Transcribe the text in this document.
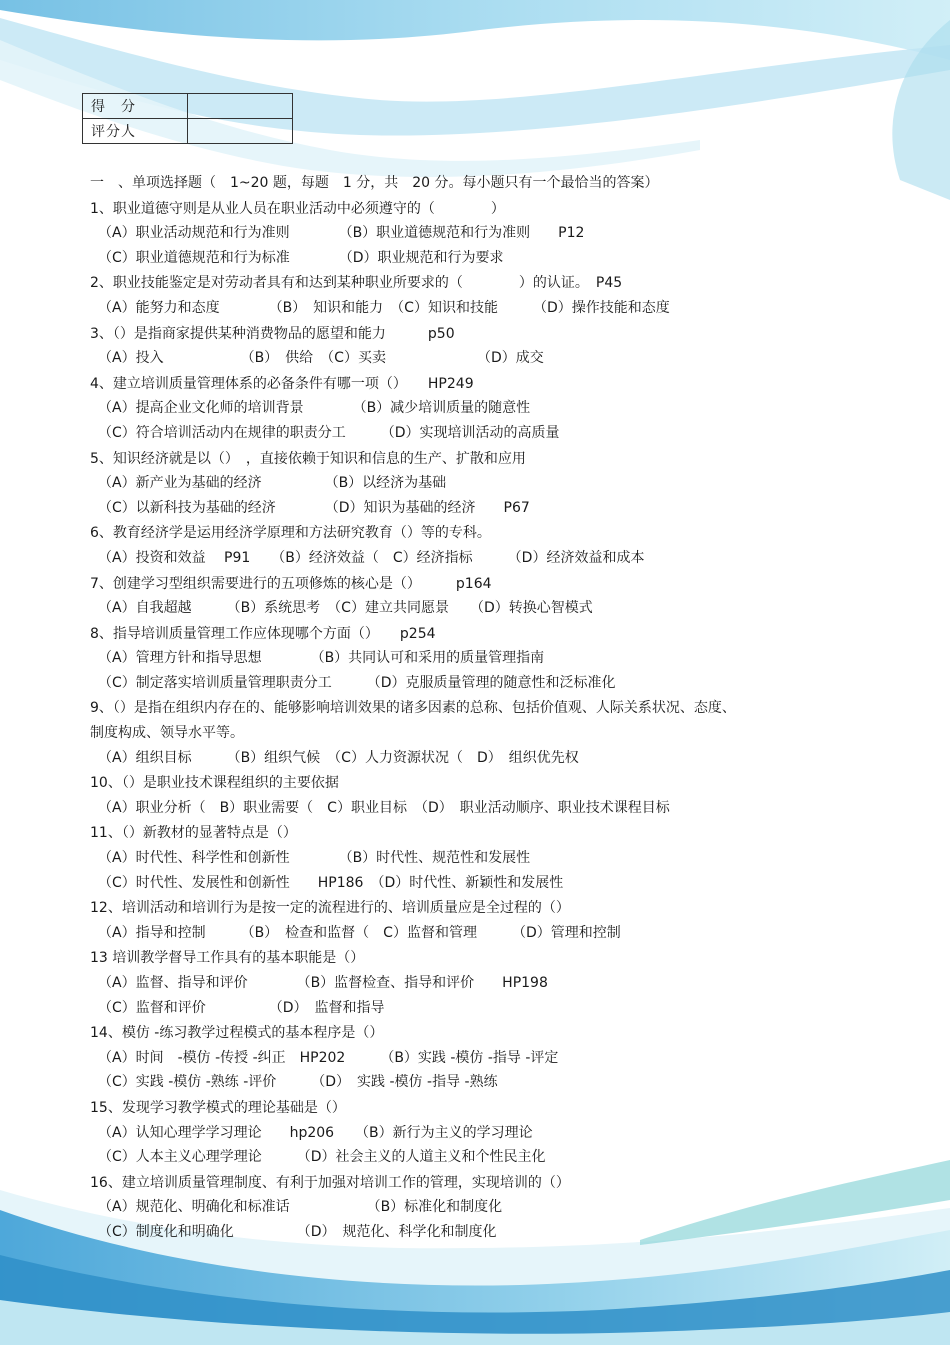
得　分	
评分人	
一　、单项选择题（　1~20 题，每题　1 分，共　20 分。每小题只有一个最恰当的答案）
1、职业道德守则是从业人员在职业活动中必须遵守的（　　　　）
（A）职业活动规范和行为准则　　　　（B）职业道德规范和行为准则　　P12
（C）职业道德规范和行为标准　　　　（D）职业规范和行为要求
2、职业技能鉴定是对劳动者具有和达到某种职业所要求的（　　　　）的认证。　P45
（A）能努力和态度　　　　（B）　知识和能力　（C）知识和技能　　　（D）操作技能和态度
3、（）是指商家提供某种消费物品的愿望和能力　　　p50
（A）投入　　　　　　（B）　供给　（C）买卖　　　　　　　（D）成交
4、建立培训质量管理体系的必备条件有哪一项（）　　HP249
（A）提高企业文化师的培训背景　　　　（B）减少培训质量的随意性
（C）符合培训活动内在规律的职责分工　　　（D）实现培训活动的高质量
5、知识经济就是以（）　，直接依赖于知识和信息的生产、扩散和应用
（A）新产业为基础的经济　　　　　（B）以经济为基础
（C）以新科技为基础的经济　　　　（D）知识为基础的经济　　P67
6、教育经济学是运用经济学原理和方法研究教育（）等的专科。
（A）投资和效益　 P91　　（B）经济效益（　C）经济指标　　　（D）经济效益和成本
7、创建学习型组织需要进行的五项修炼的核心是（）　　　p164
（A）自我超越　　　（B）系统思考　（C）建立共同愿景　　（D）转换心智模式
8、指导培训质量管理工作应体现哪个方面（）　　p254
（A）管理方针和指导思想　　　　（B）共同认可和采用的质量管理指南
（C）制定落实培训质量管理职责分工　　　（D）克服质量管理的随意性和泛标准化
9、（）是指在组织内存在的、能够影响培训效果的诸多因素的总称、包括价值观、人际关系状况、态度、
制度构成、领导水平等。
（A）组织目标　　　（B）组织气候　（C）人力资源状况（　D）　组织优先权
10、（）是职业技术课程组织的主要依据
（A）职业分析（　B）职业需要（　C）职业目标　（D）　职业活动顺序、职业技术课程目标
11、（）新教材的显著特点是（）
（A）时代性、科学性和创新性　　　　（B）时代性、规范性和发展性
（C）时代性、发展性和创新性　　HP186　（D）时代性、新颖性和发展性
12、培训活动和培训行为是按一定的流程进行的、培训质量应是全过程的（）
（A）指导和控制　　　（B）　检查和监督（　C）监督和管理　　　（D）管理和控制
13 培训教学督导工作具有的基本职能是（）
（A）监督、指导和评价　　　　（B）监督检查、指导和评价　　HP198
（C）监督和评价　　　　　（D）　监督和指导
14、模仿 -练习教学过程模式的基本程序是（）
（A）时间　-模仿 -传授 -纠正　HP202　　　（B）实践 -模仿 -指导 -评定
（C）实践 -模仿 -熟练 -评价　　　（D）　实践 -模仿 -指导 -熟练
15、发现学习教学模式的理论基础是（）
（A）认知心理学学习理论　　hp206　　（B）新行为主义的学习理论
（C）人本主义心理学理论　　　（D）社会主义的人道主义和个性民主化
16、建立培训质量管理制度、有利于加强对培训工作的管理，实现培训的（）
（A）规范化、明确化和标准话　　　　　　（B）标准化和制度化
（C）制度化和明确化　　　　　（D）　规范化、科学化和制度化
